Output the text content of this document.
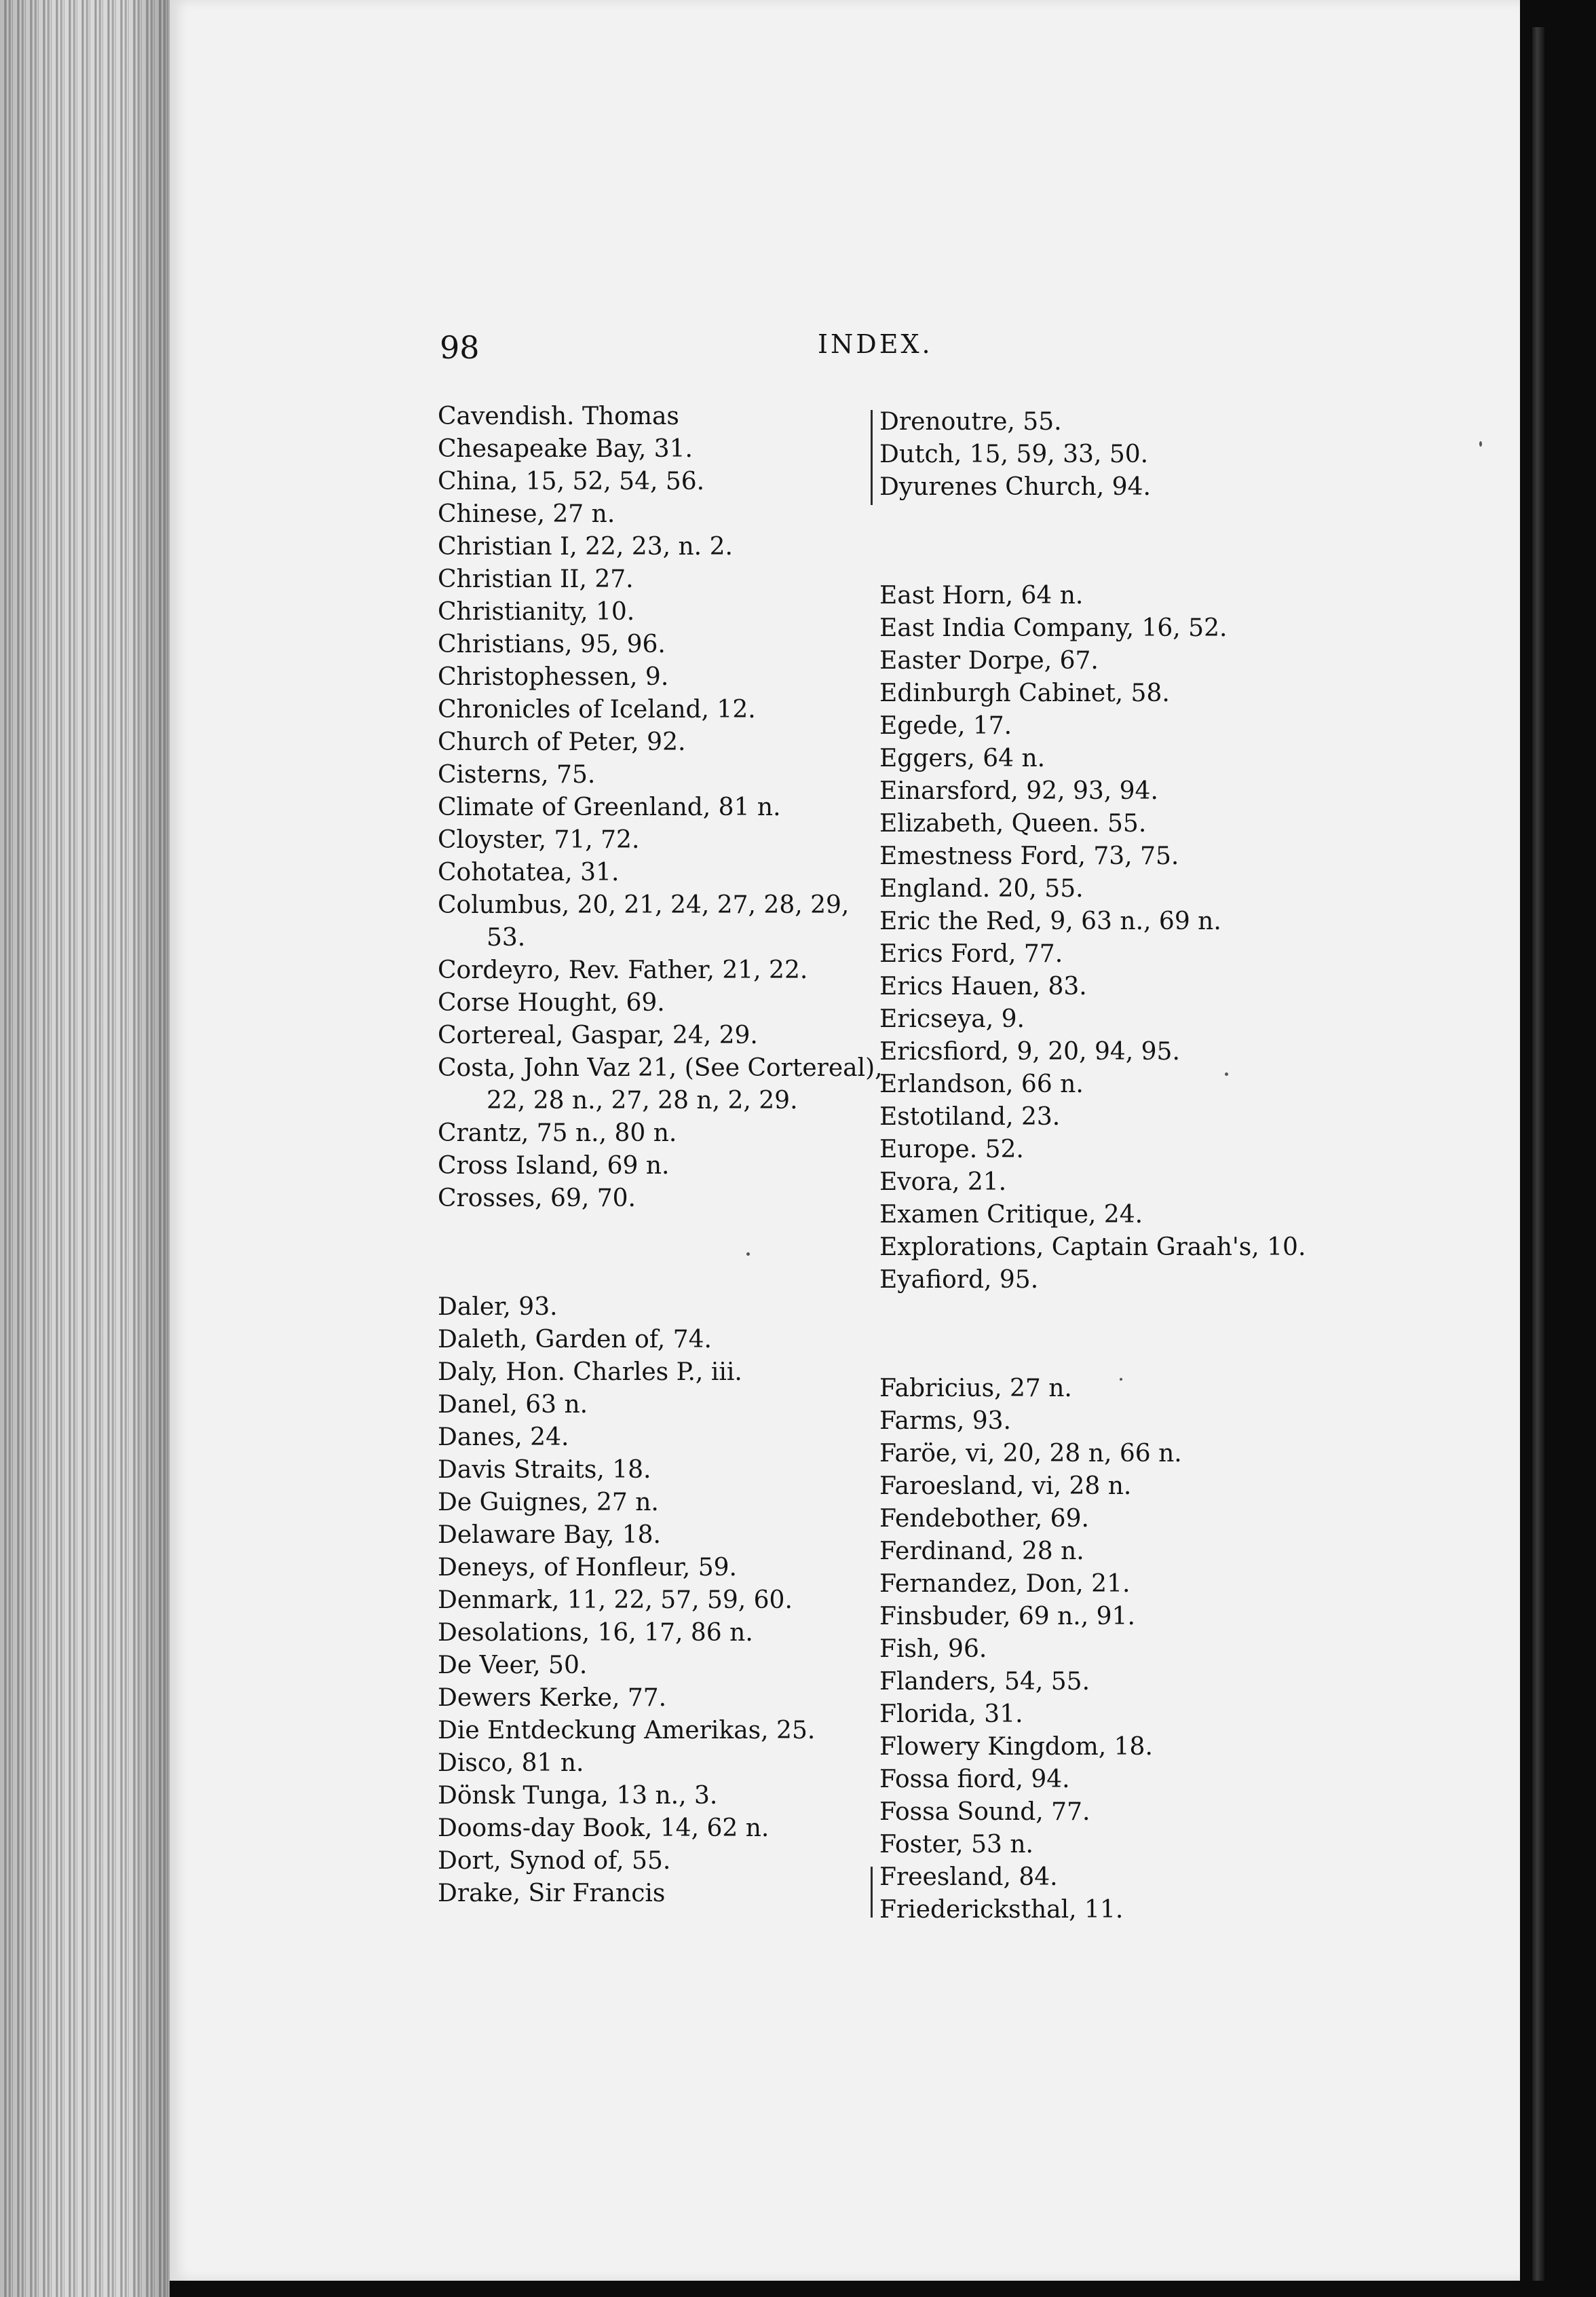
98	INDEX.
Cavendish. Thomas
Chesapeake Bay, 31.
China, 15, 52, 54, 56.
Chinese, 27 n.
Christian I, 22, 23, n. 2.
Christian II, 27.
Christianity, 10.
Christians, 95, 96.
Christophessen, 9.
Chronicles of Iceland, 12.
Church of Peter, 92.
Cisterns, 75.
Climate of Greenland, 81 n.
Cloyster, 71, 72.
Cohotatea, 31.
Columbus, 20, 21, 24, 27, 28, 29,
53.
Cordeyro, Rev. Father, 21, 22.
Corse Hought, 69.
Cortereal, Gaspar, 24, 29.
Costa, John Vaz 21, (See Cortereal),
22, 28 n., 27, 28 n, 2, 29.
Crantz, 75 n., 80 n.
Cross Island, 69 n.
Crosses, 69, 70.
Daler, 93.
Daleth, Garden of, 74.
Daly, Hon. Charles P., iii.
Danel, 63 n.
Danes, 24.
Davis Straits, 18.
De Guignes, 27 n.
Delaware Bay, 18.
Deneys, of Honfleur, 59.
Denmark, 11, 22, 57, 59, 60.
Desolations, 16, 17, 86 n.
De Veer, 50.
Dewers Kerke, 77.
Die Entdeckung Amerikas, 25.
Disco, 81 n.
Dönsk Tunga, 13 n., 3.
Dooms-day Book, 14, 62 n.
Dort, Synod of, 55.
Drake, Sir Francis
Drenoutre, 55.
Dutch, 15, 59, 33, 50.
Dyurenes Church, 94.
East Horn, 64 n.
East India Company, 16, 52.
Easter Dorpe, 67.
Edinburgh Cabinet, 58.
Egede, 17.
Eggers, 64 n.
Einarsford, 92, 93, 94.
Elizabeth, Queen. 55.
Emestness Ford, 73, 75.
England. 20, 55.
Eric the Red, 9, 63 n., 69 n.
Erics Ford, 77.
Erics Hauen, 83.
Ericseya, 9.
Ericsfiord, 9, 20, 94, 95.
Erlandson, 66 n.
Estotiland, 23.
Europe. 52.
Evora, 21.
Examen Critique, 24.
Explorations, Captain Graah's, 10.
Eyafiord, 95.
Fabricius, 27 n.
Farms, 93.
Faröe, vi, 20, 28 n, 66 n.
Faroesland, vi, 28 n.
Fendebother, 69.
Ferdinand, 28 n.
Fernandez, Don, 21.
Finsbuder, 69 n., 91.
Fish, 96.
Flanders, 54, 55.
Florida, 31.
Flowery Kingdom, 18.
Fossa fiord, 94.
Fossa Sound, 77.
Foster, 53 n.
Freesland, 84.
Friedericksthal, 11.
